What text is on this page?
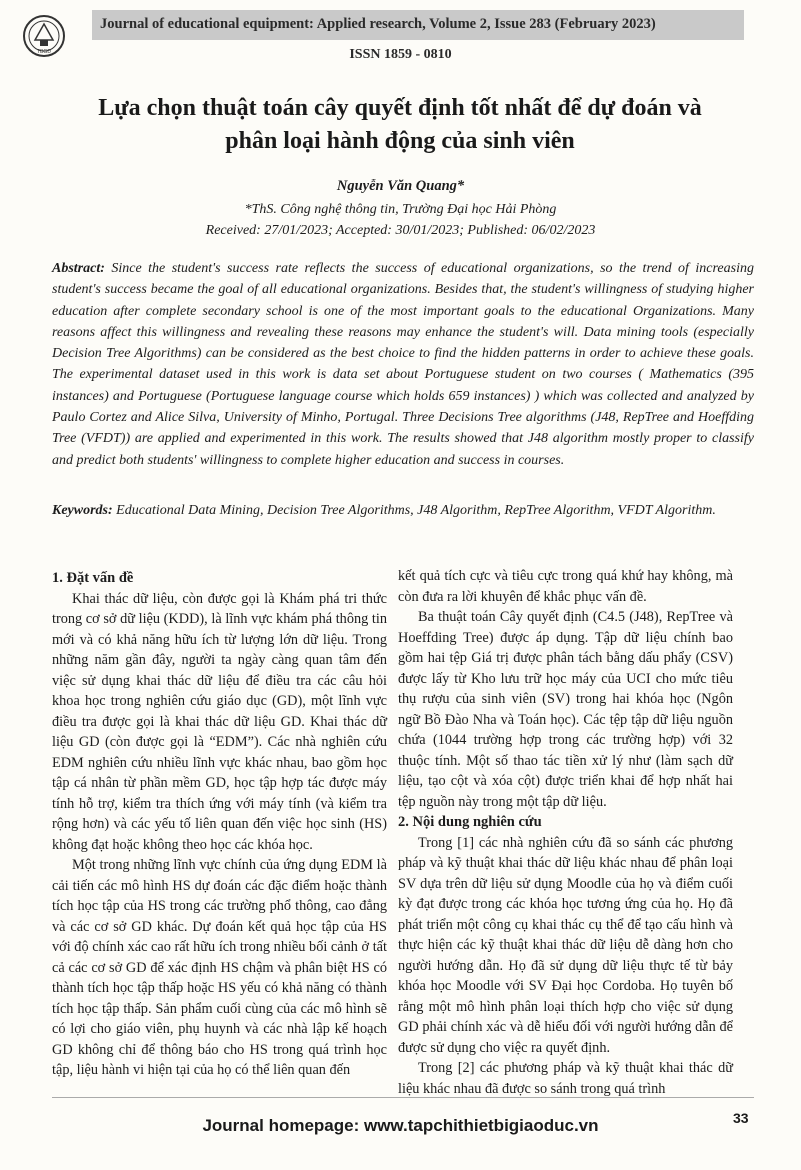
TBGD
Journal of educational equipment: Applied research, Volume 2, Issue 283 (February 2023)
ISSN 1859 - 0810
Lựa chọn thuật toán cây quyết định tốt nhất để dự đoán và
phân loại hành động của sinh viên
Nguyễn Văn Quang*
*ThS. Công nghệ thông tin, Trường Đại học Hải Phòng
Received: 27/01/2023; Accepted: 30/01/2023; Published: 06/02/2023
Abstract: Since the student's success rate reflects the success of educational organizations, so the trend of increasing student's success became the goal of all educational organizations. Besides that, the student's willingness of studying higher education after complete secondary school is one of the most important goals to the educational Organizations. Many reasons affect this willingness and revealing these reasons may enhance the student's will. Data mining tools (especially Decision Tree Algorithms) can be considered as the best choice to find the hidden patterns in order to achieve these goals. The experimental dataset used in this work is data set about Portuguese student on two courses ( Mathematics (395 instances) and Portuguese (Portuguese language course which holds 659 instances) ) which was collected and analyzed by Paulo Cortez and Alice Silva, University of Minho, Portugal. Three Decisions Tree algorithms (J48, RepTree and Hoeffding Tree (VFDT)) are applied and experimented in this work. The results showed that J48 algorithm mostly proper to classify and predict both students' willingness to complete higher education and success in courses.
Keywords: Educational Data Mining, Decision Tree Algorithms, J48 Algorithm, RepTree Algorithm, VFDT Algorithm.
1. Đặt vấn đề

Khai thác dữ liệu, còn được gọi là Khám phá tri thức trong cơ sở dữ liệu (KDD), là lĩnh vực khám phá thông tin mới và có khả năng hữu ích từ lượng lớn dữ liệu. Trong những năm gần đây, người ta ngày càng quan tâm đến việc sử dụng khai thác dữ liệu để điều tra các câu hỏi khoa học trong nghiên cứu giáo dục (GD), một lĩnh vực điều tra được gọi là khai thác dữ liệu GD. Khai thác dữ liệu GD (còn được gọi là “EDM”). Các nhà nghiên cứu EDM nghiên cứu nhiều lĩnh vực khác nhau, bao gồm học tập cá nhân từ phần mềm GD, học tập hợp tác được máy tính hỗ trợ, kiểm tra thích ứng với máy tính (và kiểm tra rộng hơn) và các yếu tố liên quan đến việc học sinh (HS) không đạt hoặc không theo học các khóa học.

Một trong những lĩnh vực chính của ứng dụng EDM là cải tiến các mô hình HS dự đoán các đặc điểm hoặc thành tích học tập của HS trong các trường phổ thông, cao đẳng và các cơ sở GD khác. Dự đoán kết quả học tập của HS với độ chính xác cao rất hữu ích trong nhiều bối cảnh ở tất cả các cơ sở GD để xác định HS chậm và phân biệt HS có thành tích học tập thấp hoặc HS yếu có khả năng có thành tích học tập thấp. Sản phẩm cuối cùng của các mô hình sẽ có lợi cho giáo viên, phụ huynh và các nhà lập kế hoạch GD không chỉ để thông báo cho HS trong quá trình học tập, liệu hành vi hiện tại của họ có thể liên quan đến

kết quả tích cực và tiêu cực trong quá khứ hay không, mà còn đưa ra lời khuyên để khắc phục vấn đề.

Ba thuật toán Cây quyết định (C4.5 (J48), RepTree và Hoeffding Tree) được áp dụng. Tập dữ liệu chính bao gồm hai tệp Giá trị được phân tách bằng dấu phẩy (CSV) được lấy từ Kho lưu trữ học máy của UCI cho mức tiêu thụ rượu của sinh viên (SV) trong hai khóa học (Ngôn ngữ Bồ Đào Nha và Toán học). Các tệp tập dữ liệu nguồn chứa (1044 trường hợp trong các trường hợp) với 32 thuộc tính. Một số thao tác tiền xử lý như (làm sạch dữ liệu, tạo cột và xóa cột) được triển khai để hợp nhất hai tệp nguồn này trong một tập dữ liệu.

2. Nội dung nghiên cứu

Trong [1] các nhà nghiên cứu đã so sánh các phương pháp và kỹ thuật khai thác dữ liệu khác nhau để phân loại SV dựa trên dữ liệu sử dụng Moodle của họ và điểm cuối kỳ đạt được trong các khóa học tương ứng của họ. Họ đã phát triển một công cụ khai thác cụ thể để tạo cấu hình và thực hiện các kỹ thuật khai thác dữ liệu dễ dàng hơn cho người hướng dẫn. Họ đã sử dụng dữ liệu thực tế từ bảy khóa học Moodle với SV Đại học Cordoba. Họ tuyên bố rằng một mô hình phân loại thích hợp cho việc sử dụng GD phải chính xác và dễ hiểu đối với người hướng dẫn để được sử dụng cho việc ra quyết định.

Trong [2] các phương pháp và kỹ thuật khai thác dữ liệu khác nhau đã được so sánh trong quá trình

Journal homepage: www.tapchithietbigiaoduc.vn	33
